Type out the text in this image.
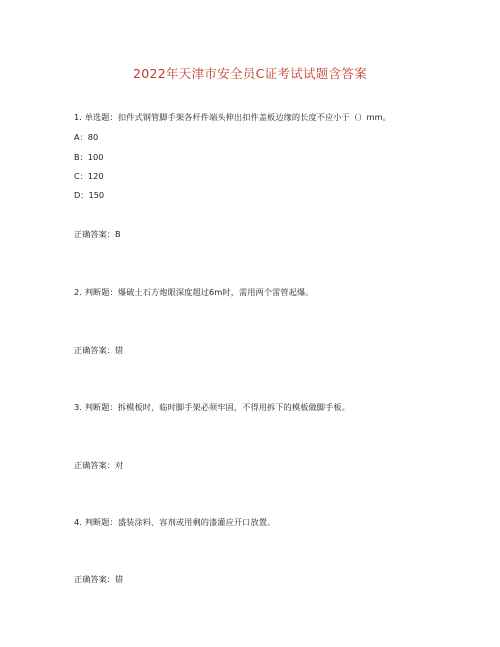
2022年天津市安全员C证考试试题含答案
1. 单选题：扣件式钢管脚手架各杆件端头伸出扣件盖板边缘的长度不应小于（）mm。
A：80
B：100
C：120
D：150
正确答案：B
2. 判断题：爆破土石方炮眼深度超过6m时，需用两个雷管起爆。
正确答案：错
3. 判断题：拆模板时，临时脚手架必须牢固，不得用拆下的模板做脚手板。
正确答案：对
4. 判断题：盛装涂料、容剂或用剩的漆灌应开口放置。
正确答案：错
